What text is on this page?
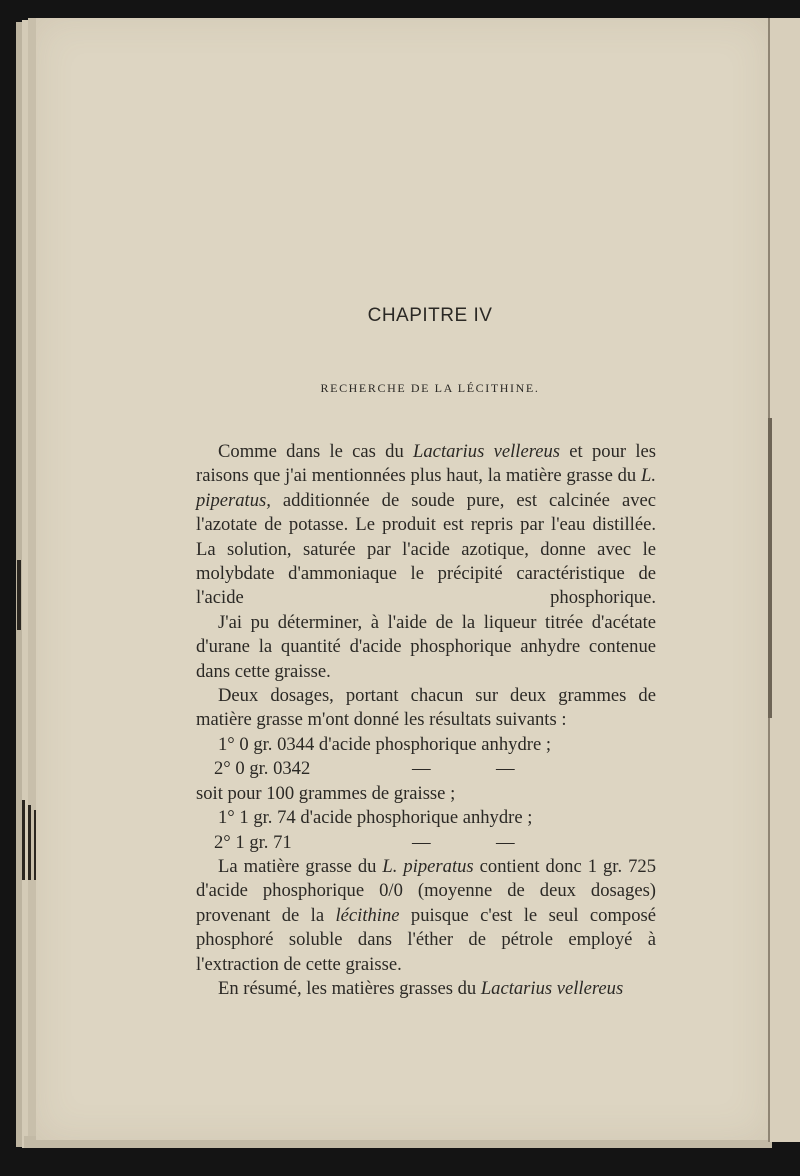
CHAPITRE IV
RECHERCHE DE LA LÉCITHINE.

Comme dans le cas du Lactarius vellereus et pour les raisons que j'ai mentionnées plus haut, la matière grasse du L. piperatus, additionnée de soude pure, est calcinée avec l'azotate de potasse. Le produit est repris par l'eau distillée. La solution, saturée par l'acide azotique, donne avec le molybdate d'ammoniaque le précipité caractéristique de l'acide phosphorique.

J'ai pu déterminer, à l'aide de la liqueur titrée d'acétate d'urane la quantité d'acide phosphorique anhydre contenue dans cette graisse.

Deux dosages, portant chacun sur deux grammes de matière grasse m'ont donné les résultats suivants :

1° 0 gr. 0344 d'acide phosphorique anhydre ;

2° 0 gr. 0342	—	—

soit pour 100 grammes de graisse ;

1° 1 gr. 74 d'acide phosphorique anhydre ;

2° 1 gr. 71	—	—

La matière grasse du L. piperatus contient donc 1 gr. 725 d'acide phosphorique 0/0 (moyenne de deux dosages) provenant de la lécithine puisque c'est le seul composé phosphoré soluble dans l'éther de pétrole employé à l'extraction de cette graisse.

En résumé, les matières grasses du Lactarius vellereus
